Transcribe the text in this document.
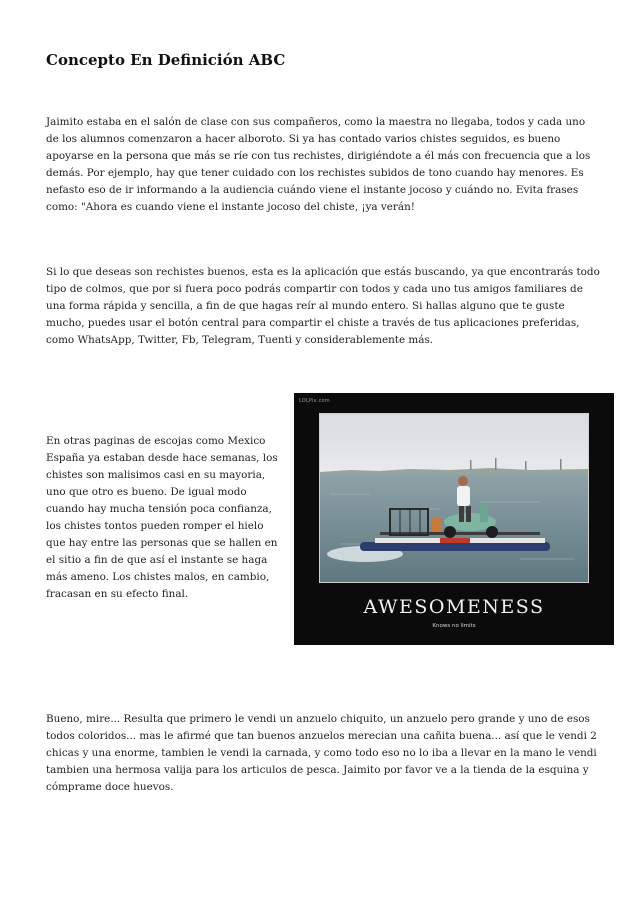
Concepto En Definición ABC

Jaimito estaba en el salón de clase con sus compañeros, como la maestra no llegaba, todos y cada uno de los alumnos comenzaron a hacer alboroto. Si ya has contado varios chistes seguidos, es bueno apoyarse en la persona que más se ríe con tus rechistes, dirigiéndote a él más con frecuencia que a los demás. Por ejemplo, hay que tener cuidado con los rechistes subidos de tono cuando hay menores. Es nefasto eso de ir informando a la audiencia cuándo viene el instante jocoso y cuándo no. Evita frases como: "Ahora es cuando viene el instante jocoso del chiste, ¡ya verán!

Si lo que deseas son rechistes buenos, esta es la aplicación que estás buscando, ya que encontrarás todo tipo de colmos, que por si fuera poco podrás compartir con todos y cada uno tus amigos familiares de una forma rápida y sencilla, a fin de que hagas reír al mundo entero. Si hallas alguno que te guste mucho, puedes usar el botón central para compartir el chiste a través de tus aplicaciones preferidas, como WhatsApp, Twitter, Fb, Telegram, Tuenti y considerablemente más.

En otras paginas de escojas como Mexico España ya estaban desde hace semanas, los chistes son malisimos casi en su mayoria, uno que otro es bueno. De igual modo cuando hay mucha tensión poca confianza, los chistes tontos pueden romper el hielo que hay entre las personas que se hallen en el sitio a fin de que así el instante se haga más ameno. Los chistes malos, en cambio, fracasan en su efecto final.

LOLPix.com
AWESOMENESS
Knows no limits

Bueno, mire... Resulta que primero le vendi un anzuelo chiquito, un anzuelo pero grande y uno de esos todos coloridos... mas le afirmé que tan buenos anzuelos merecian una cañita buena... así que le vendi 2 chicas y una enorme, tambien le vendi la carnada, y como todo eso no lo iba a llevar en la mano le vendi tambien una hermosa valija para los articulos de pesca. Jaimito por favor ve a la tienda de la esquina y cómprame doce huevos.
